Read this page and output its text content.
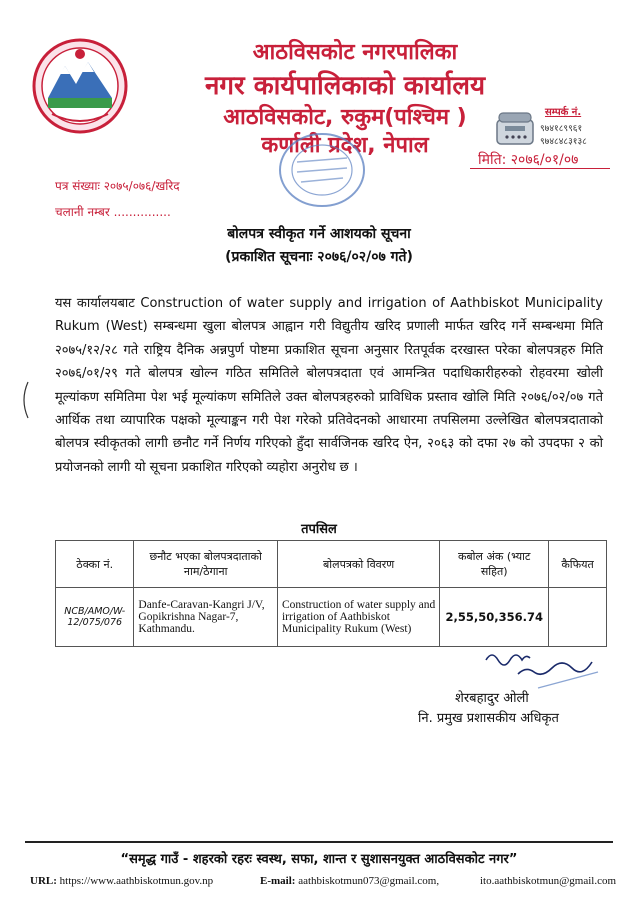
आठविसकोट नगरपालिका
नगर कार्यपालिकाको कार्यालय
आठविसकोट, रुकुम(पश्चिम )
कर्णाली प्रदेश, नेपाल
सम्पर्क नं.
९७४१८९९६१
९७४८४८३१३८
मिति: २०७६/०१/०७
पत्र संख्याः २०७५/०७६/खरिद
चलानी नम्बर ...............
बोलपत्र स्वीकृत गर्ने आशयको सूचना
(प्रकाशित सूचनाः २०७६/०२/०७ गते)

यस कार्यालयबाट Construction of water supply and irrigation of Aathbiskot Municipality Rukum (West) सम्बन्धमा खुला बोलपत्र आह्वान गरी विद्युतीय खरिद प्रणाली मार्फत खरिद गर्ने सम्बन्धमा मिति २०७५/१२/२८ गते राष्ट्रिय दैनिक अन्नपुर्ण पोष्टमा प्रकाशित सूचना अनुसार रितपूर्वक दरखास्त परेका बोलपत्रहरु मिति २०७६/०१/२९ गते बोलपत्र खोल्न गठित समितिले बोलपत्रदाता एवं आमन्त्रित पदाधिकारीहरुको रोहवरमा खोली मूल्यांकण समितिमा पेश भई मूल्यांकण समितिले उक्त बोलपत्रहरुको प्राविधिक प्रस्ताव खोलि मिति २०७६/०२/०७ गते आर्थिक तथा व्यापारिक पक्षको मूल्याङ्कन गरी पेश गरेको प्रतिवेदनको आधारमा तपसिलमा उल्लेखित बोलपत्रदाताको बोलपत्र स्वीकृतको लागी छनौट गर्ने निर्णय गरिएको हुँदा सार्वजिनक खरिद ऐन, २०६३ को दफा २७ को उपदफा २ को प्रयोजनको लागी यो सूचना प्रकाशित गरिएको व्यहोरा अनुरोध छ ।

तपसिल
ठेक्का नं.	छनौट भएका बोलपत्रदाताको नाम/ठेगाना	बोलपत्रको विवरण	कबोल अंक (भ्याट सहित)	कैफियत
NCB/AMO/W-12/075/076	Danfe-Caravan-Kangri J/V, Gopikrishna Nagar-7, Kathmandu.	Construction of water supply and irrigation of Aathbiskot Municipality Rukum (West)	2,55,50,356.74	
शेरबहादुर ओली
नि. प्रमुख प्रशासकीय अधिकृत
“समृद्ध गाउँ - शहरको रहरः स्वस्थ, सफा, शान्त र सुशासनयुक्त आठविसकोट नगर”
URL: https://www.aathbiskotmun.gov.np	E-mail: aathbiskotmun073@gmail.com,	ito.aathbiskotmun@gmail.com
